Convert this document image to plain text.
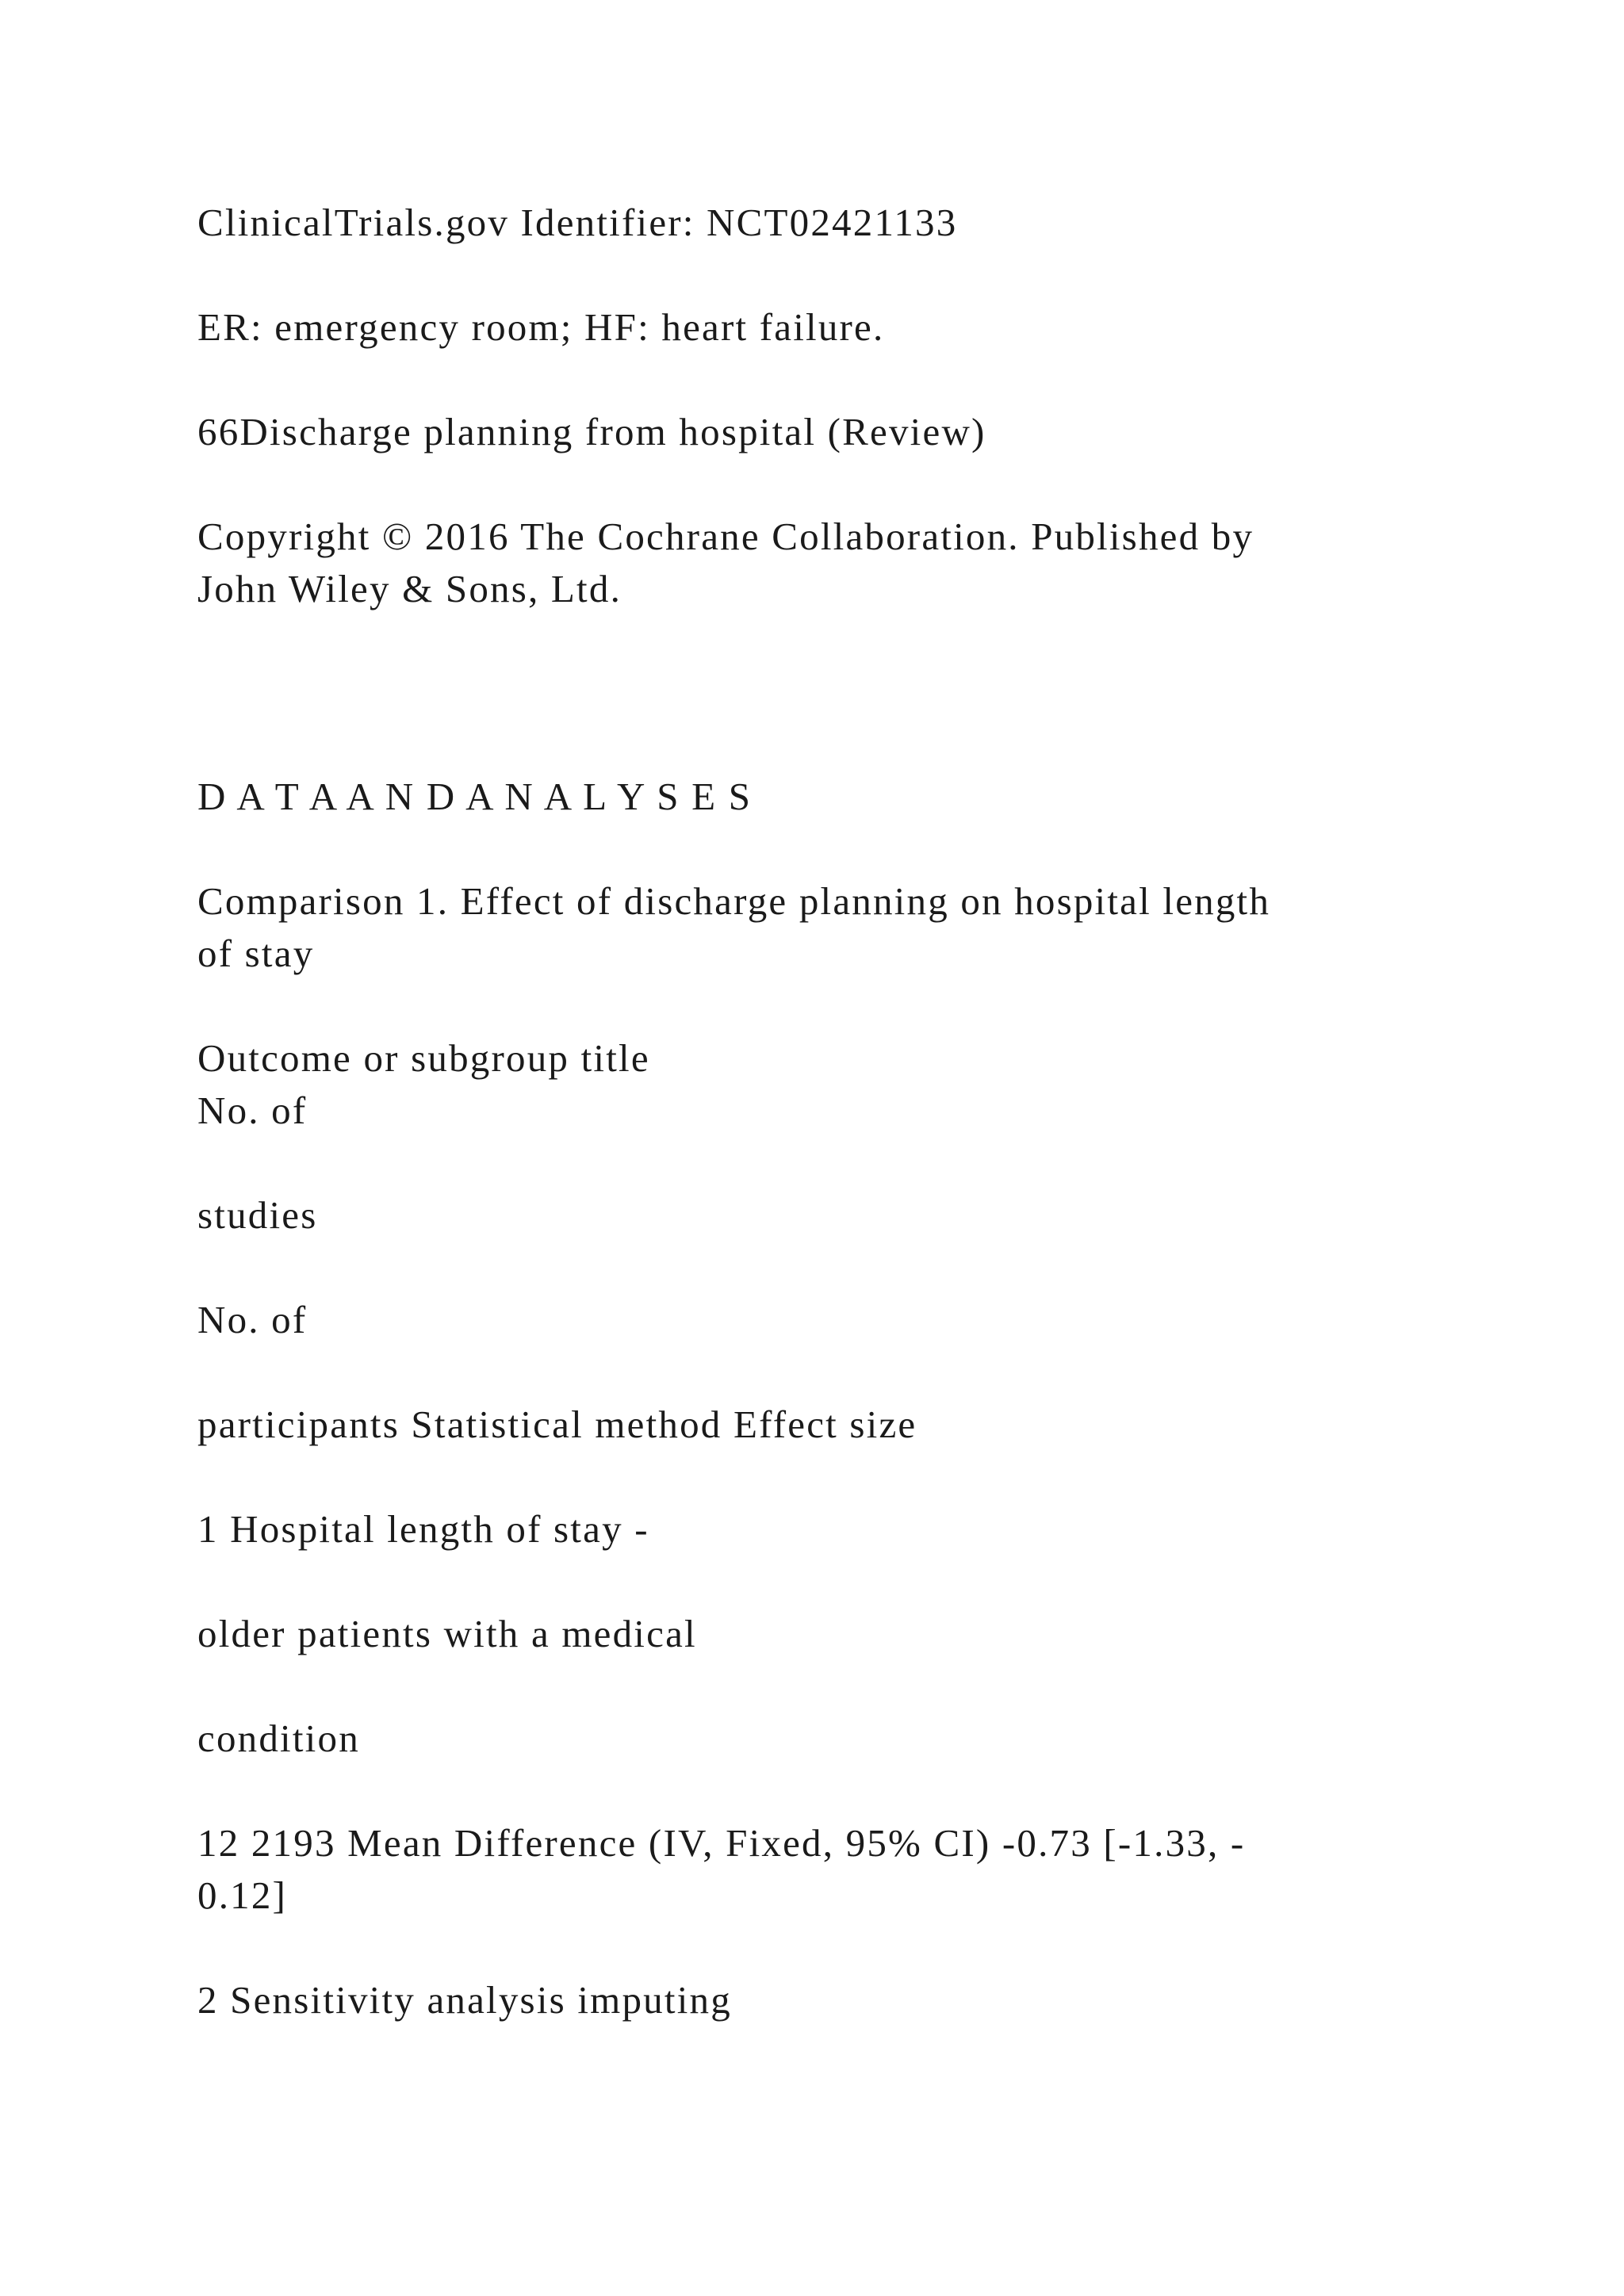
ClinicalTrials.gov Identifier: NCT02421133

ER: emergency room; HF: heart failure.

66Discharge planning from hospital (Review)

Copyright © 2016 The Cochrane Collaboration. Published by

John Wiley & Sons, Ltd.

D A T A A N D A N A L Y S E S

Comparison 1. Effect of discharge planning on hospital length

of stay

Outcome or subgroup title

No. of

studies

No. of

participants Statistical method Effect size

1 Hospital length of stay -

older patients with a medical

condition

12 2193 Mean Difference (IV, Fixed, 95% CI) -0.73 [-1.33, -

0.12]

2 Sensitivity analysis imputing
